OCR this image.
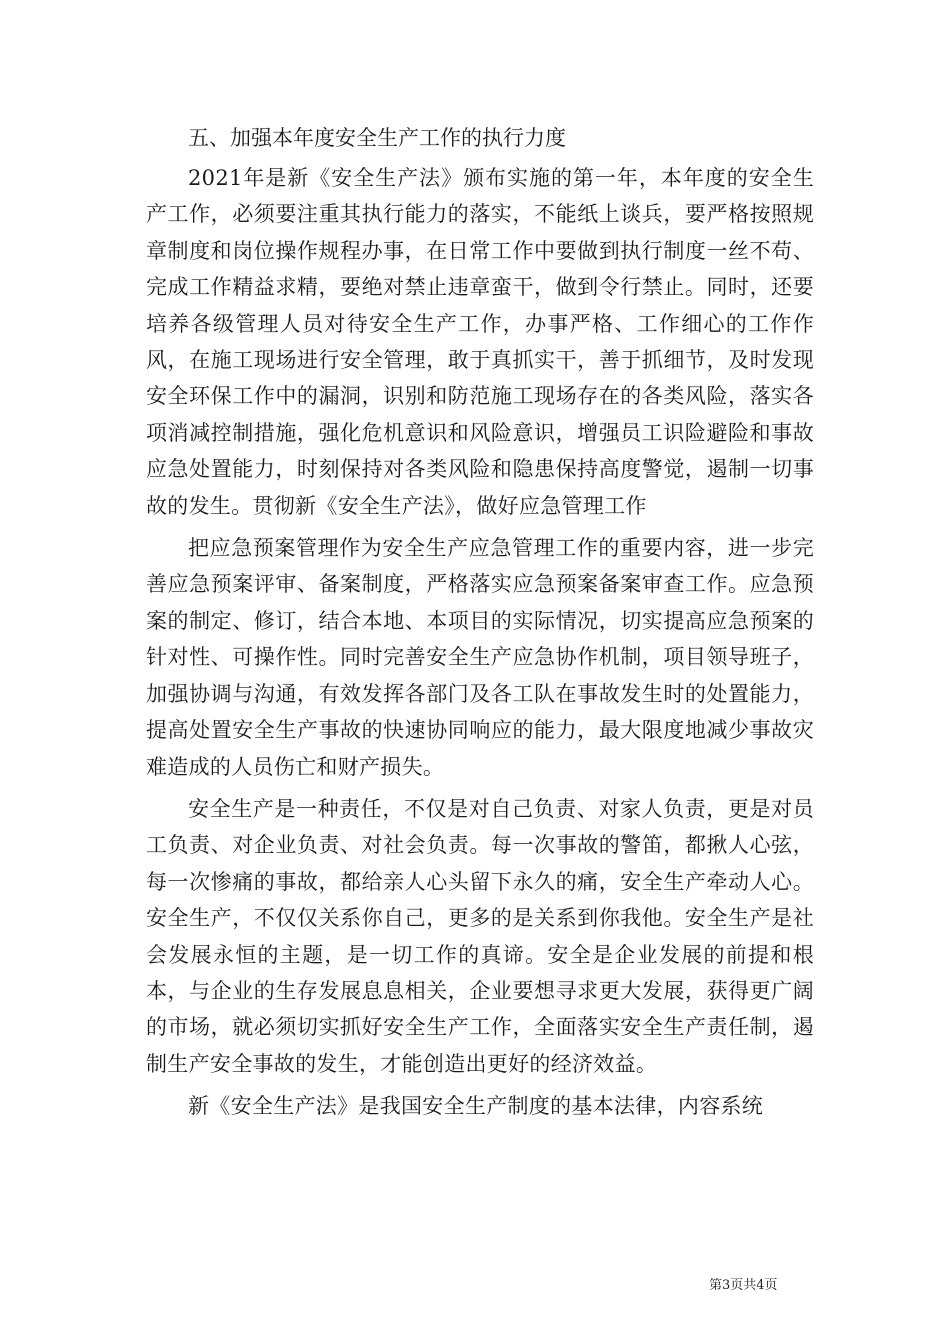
五、加强本年度安全生产工作的执行力度

2021年是新《安全生产法》颁布实施的第一年，本年度的安全生产工作，必须要注重其执行能力的落实，不能纸上谈兵，要严格按照规章制度和岗位操作规程办事，在日常工作中要做到执行制度一丝不苟、完成工作精益求精，要绝对禁止违章蛮干，做到令行禁止。同时，还要培养各级管理人员对待安全生产工作，办事严格、工作细心的工作作风，在施工现场进行安全管理，敢于真抓实干，善于抓细节，及时发现安全环保工作中的漏洞，识别和防范施工现场存在的各类风险，落实各项消减控制措施，强化危机意识和风险意识，增强员工识险避险和事故应急处置能力，时刻保持对各类风险和隐患保持高度警觉，遏制一切事故的发生。贯彻新《安全生产法》，做好应急管理工作

把应急预案管理作为安全生产应急管理工作的重要内容，进一步完善应急预案评审、备案制度，严格落实应急预案备案审查工作。应急预案的制定、修订，结合本地、本项目的实际情况，切实提高应急预案的针对性、可操作性。同时完善安全生产应急协作机制，项目领导班子，加强协调与沟通，有效发挥各部门及各工队在事故发生时的处置能力，提高处置安全生产事故的快速协同响应的能力，最大限度地减少事故灾难造成的人员伤亡和财产损失。

安全生产是一种责任，不仅是对自己负责、对家人负责，更是对员工负责、对企业负责、对社会负责。每一次事故的警笛，都揪人心弦，每一次惨痛的事故，都给亲人心头留下永久的痛，安全生产牵动人心。安全生产，不仅仅关系你自己，更多的是关系到你我他。安全生产是社会发展永恒的主题，是一切工作的真谛。安全是企业发展的前提和根本，与企业的生存发展息息相关，企业要想寻求更大发展，获得更广阔的市场，就必须切实抓好安全生产工作，全面落实安全生产责任制，遏制生产安全事故的发生，才能创造出更好的经济效益。

新《安全生产法》是我国安全生产制度的基本法律，内容系统

第3页共4页
